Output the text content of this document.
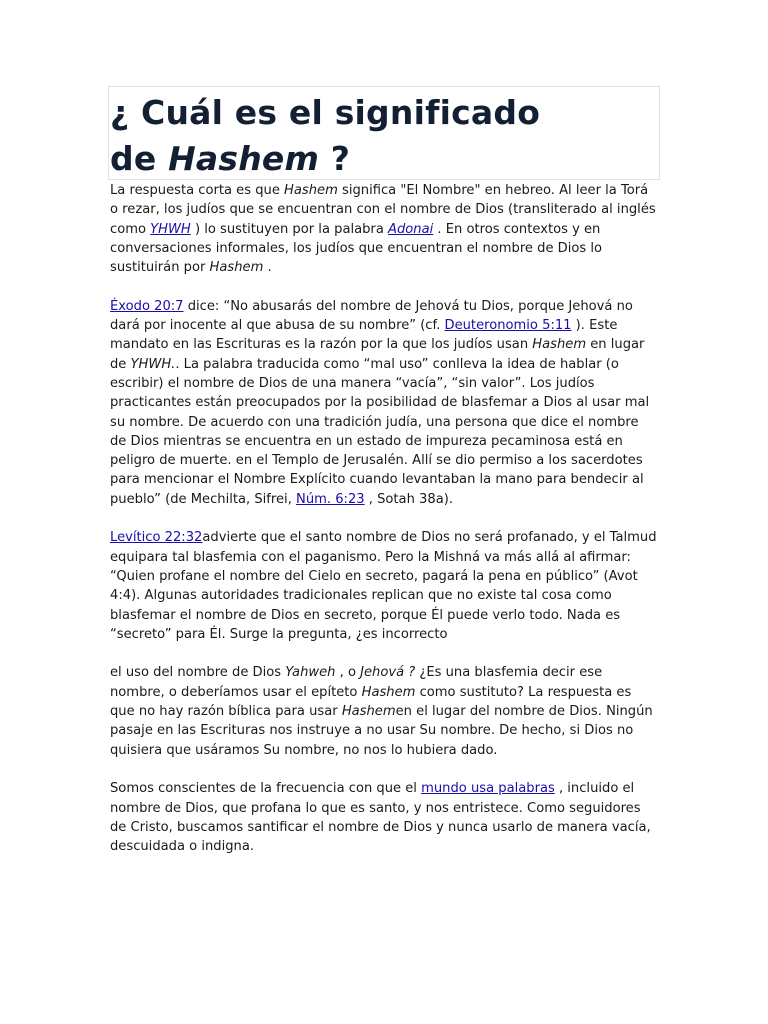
¿ Cuál es el significado
de Hashem ?

La respuesta corta es que Hashem significa "El Nombre" en hebreo. Al leer la Torá o rezar, los judíos que se encuentran con el nombre de Dios (transliterado al inglés como YHWH ) lo sustituyen por la palabra Adonai . En otros contextos y en conversaciones informales, los judíos que encuentran el nombre de Dios lo sustituirán por Hashem .

Éxodo 20:7 dice: “No abusarás del nombre de Jehová tu Dios, porque Jehová no dará por inocente al que abusa de su nombre” (cf. Deuteronomio 5:11 ). Este mandato en las Escrituras es la razón por la que los judíos usan Hashem en lugar de YHWH.. La palabra traducida como “mal uso” conlleva la idea de hablar (o escribir) el nombre de Dios de una manera “vacía”, “sin valor”. Los judíos practicantes están preocupados por la posibilidad de blasfemar a Dios al usar mal su nombre. De acuerdo con una tradición judía, una persona que dice el nombre de Dios mientras se encuentra en un estado de impureza pecaminosa está en peligro de muerte. en el Templo de Jerusalén. Allí se dio permiso a los sacerdotes para mencionar el Nombre Explícito cuando levantaban la mano para bendecir al pueblo” (de Mechilta, Sifrei, Núm. 6:23 , Sotah 38a).

Levítico 22:32advierte que el santo nombre de Dios no será profanado, y el Talmud equipara tal blasfemia con el paganismo. Pero la Mishná va más allá al afirmar: “Quien profane el nombre del Cielo en secreto, pagará la pena en público” (Avot 4:4). Algunas autoridades tradicionales replican que no existe tal cosa como blasfemar el nombre de Dios en secreto, porque Él puede verlo todo. Nada es “secreto” para Él. Surge la pregunta, ¿es incorrecto

el uso del nombre de Dios Yahweh , o Jehová ? ¿Es una blasfemia decir ese nombre, o deberíamos usar el epíteto Hashem como sustituto? La respuesta es que no hay razón bíblica para usar Hashemen el lugar del nombre de Dios. Ningún pasaje en las Escrituras nos instruye a no usar Su nombre. De hecho, si Dios no quisiera que usáramos Su nombre, no nos lo hubiera dado.

Somos conscientes de la frecuencia con que el mundo usa palabras , incluido el nombre de Dios, que profana lo que es santo, y nos entristece. Como seguidores de Cristo, buscamos santificar el nombre de Dios y nunca usarlo de manera vacía, descuidada o indigna.
